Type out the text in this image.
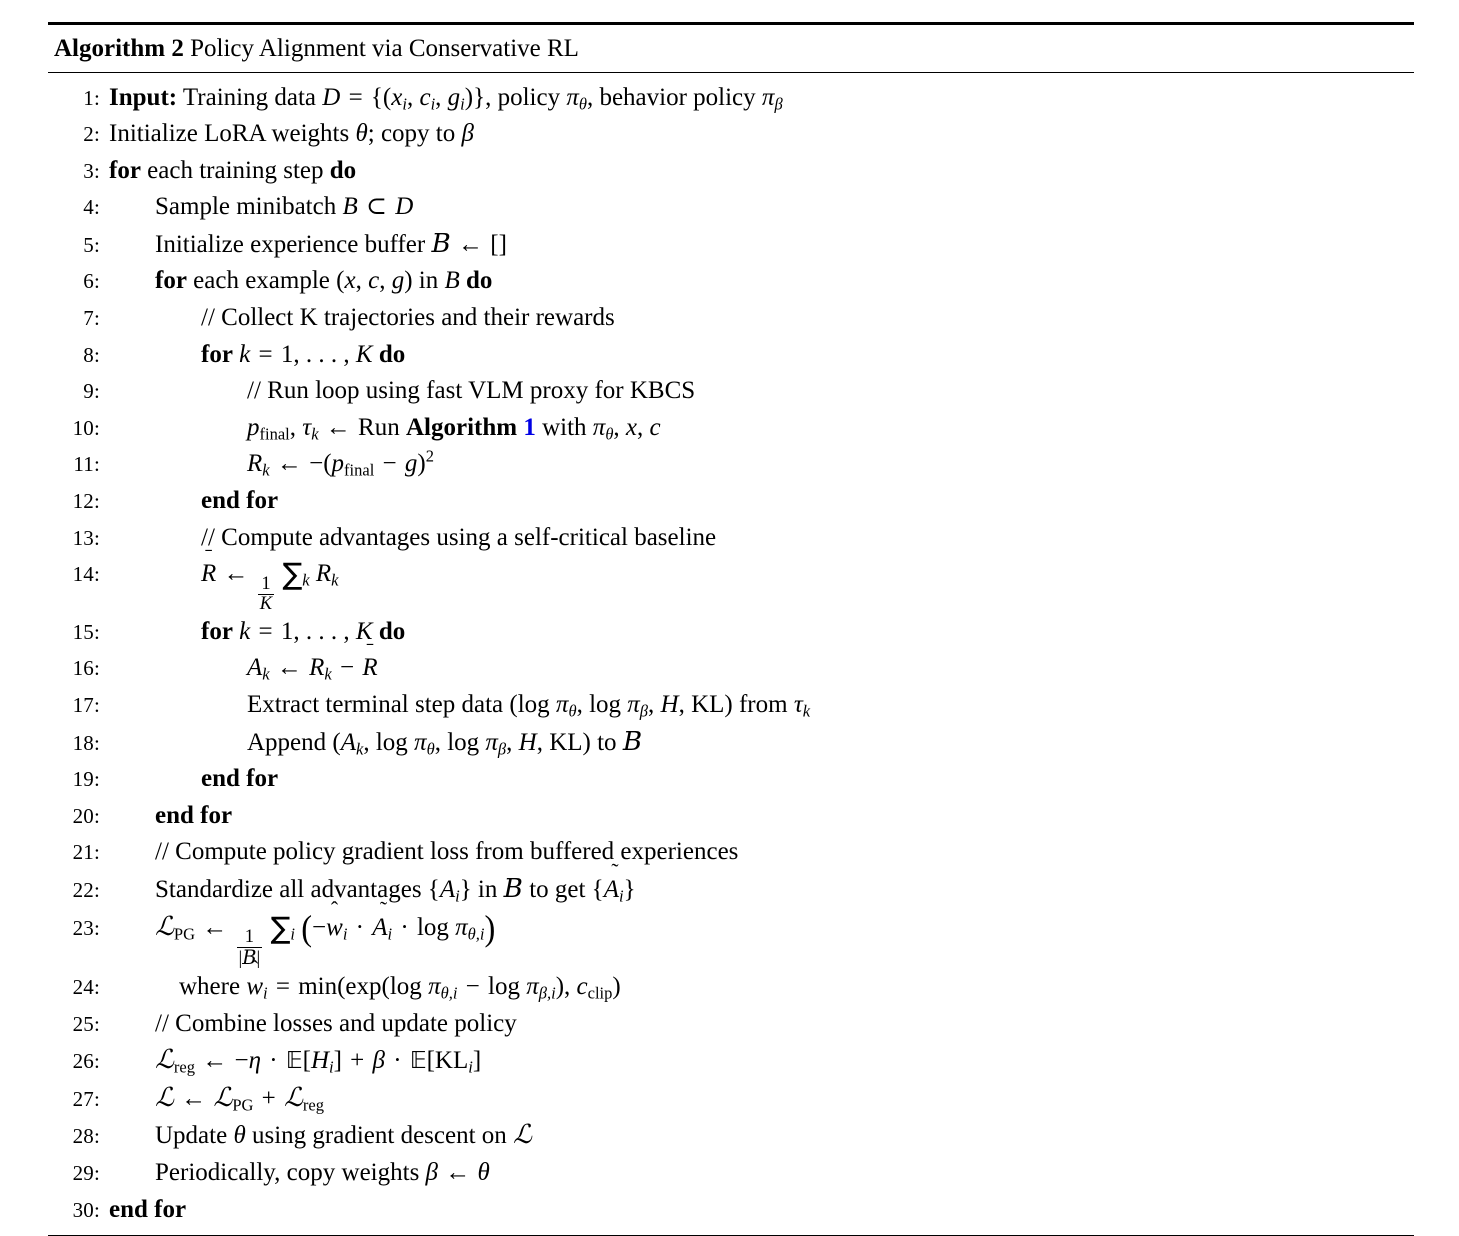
Algorithm 2 Policy Alignment via Conservative RL
1: Input: Training data $D = \{(x_i$, $c_i$, $g_i$)}, policy $\pi_\theta$, behavior policy $\pi_\beta$
2: Initialize LoRA weights θ; copy to β
3: for each training step do
4:	Sample minibatch B ⊂ D
5:	Initialize experience buffer 𝐵 ← []
6:	for each example (x, c, g) in B do
7:	// Collect K trajectories and their rewards
8:	for k = 1, . . . , K do
9:	// Run loop using fast VLM proxy for KBCS
10:	$p_{final}$, $\tau_k$ ← Run Algorithm 1 with $\pi_\theta$, x, c
11:	$R_k$ ← $-(p_{final} - g)^2$
12:	end for
13:	// Compute advantages using a self-critical baseline
14:	R ←
$\frac{1}{K}$
$\sum_k$ $R_k$
15:	for k = 1, . . . , K do
16:	$A_k$ ← $R_k - R$
17:	Extract terminal step data (log $\pi_\theta$, $\log \pi_\beta$, H, KL) from $\tau_k$
18:	Append ($A_k$, $\log \pi_\theta$, $\log \pi_\beta$, H, KL) to 𝐵
19:	end for
20:	end for
21:	// Compute policy gradient loss from buffered experiences
22:	Standardize all advantages $\{A_i\}$ in 𝐵 to get {
$A_i$}
23:	ℒ$_{PG}$ ←
$\frac{1}{\text{|𝐵|}}$
$\sum_i$ (−
$w_i \cdot A_i \cdot \log \pi_{\theta,i}$)
24:	where
$w_i = \min(\exp(\log$ $\pi_{\theta,i} - \log \pi_{\beta,i}$), $c_{clip}$)
25:	// Combine losses and update policy
26:	ℒ$_{reg}$ ← $-\eta \cdot 𝔼[H_i] + \beta$ · $𝔼[KL_i]$
27:	ℒ ← ℒ$_{PG}$ + ℒ$_{reg}$
28:	Update θ using gradient descent on ℒ
29:	Periodically, copy weights β ← θ
30: end for
